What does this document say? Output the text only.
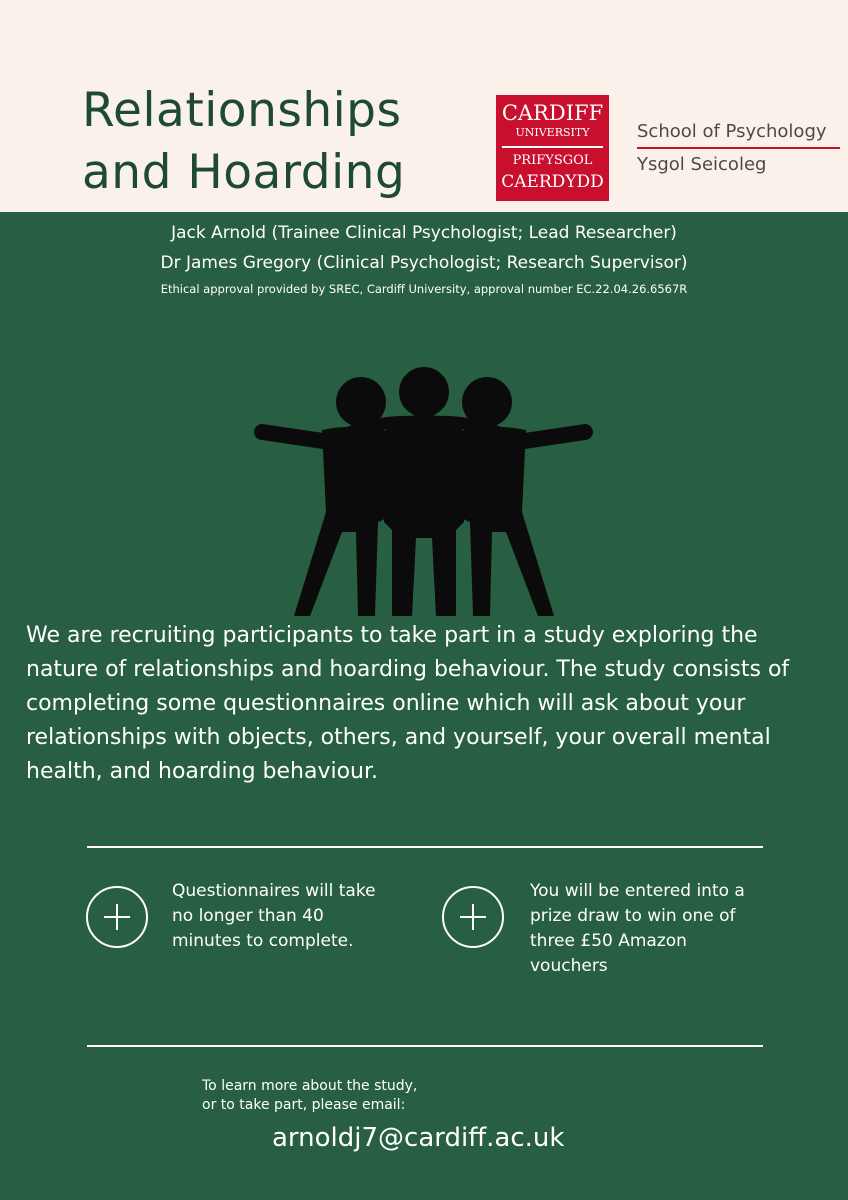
Relationships
and Hoarding
CARDIFF
UNIVERSITY
PRIFYSGOL
CAERDYDD
School of Psychology
Ysgol Seicoleg
Jack Arnold (Trainee Clinical Psychologist; Lead Researcher)
Dr James Gregory (Clinical Psychologist; Research Supervisor)
Ethical approval provided by SREC, Cardiff University, approval number EC.22.04.26.6567R
We are recruiting participants to take part in a study exploring the nature of relationships and hoarding behaviour. The study consists of completing some questionnaires online which will ask about your relationships with objects, others, and yourself, your overall mental health, and hoarding behaviour.
Questionnaires will take no longer than 40 minutes to complete.
You will be entered into a prize draw to win one of three £50 Amazon vouchers
To learn more about the study, or to take part, please email:
arnoldj7@cardiff.ac.uk
